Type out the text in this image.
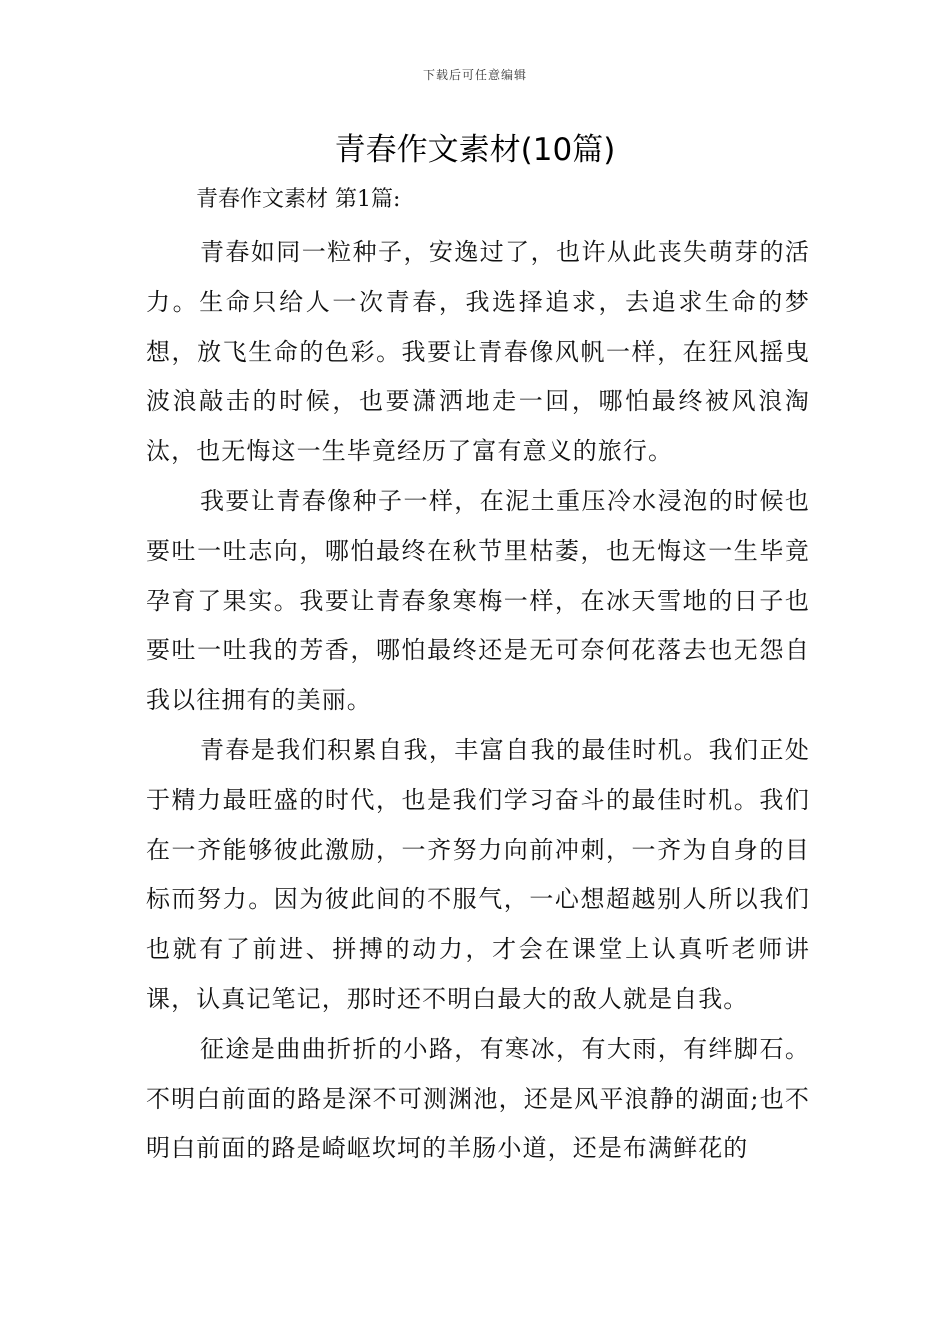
下载后可任意编辑
青春作文素材(10篇)
青春作文素材 第1篇:

青春如同一粒种子，安逸过了，也许从此丧失萌芽的活力。生命只给人一次青春，我选择追求，去追求生命的梦想，放飞生命的色彩。我要让青春像风帆一样，在狂风摇曳波浪敲击的时候，也要潇洒地走一回，哪怕最终被风浪淘汰，也无悔这一生毕竟经历了富有意义的旅行。

我要让青春像种子一样，在泥土重压冷水浸泡的时候也要吐一吐志向，哪怕最终在秋节里枯萎，也无悔这一生毕竟孕育了果实。我要让青春象寒梅一样，在冰天雪地的日子也要吐一吐我的芳香，哪怕最终还是无可奈何花落去也无怨自我以往拥有的美丽。

青春是我们积累自我，丰富自我的最佳时机。我们正处于精力最旺盛的时代，也是我们学习奋斗的最佳时机。我们在一齐能够彼此激励，一齐努力向前冲刺，一齐为自身的目标而努力。因为彼此间的不服气，一心想超越别人所以我们也就有了前进、拼搏的动力，才会在课堂上认真听老师讲课，认真记笔记，那时还不明白最大的敌人就是自我。

征途是曲曲折折的小路，有寒冰，有大雨，有绊脚石。不明白前面的路是深不可测渊池，还是风平浪静的湖面;也不明白前面的路是崎岖坎坷的羊肠小道，还是布满鲜花的
